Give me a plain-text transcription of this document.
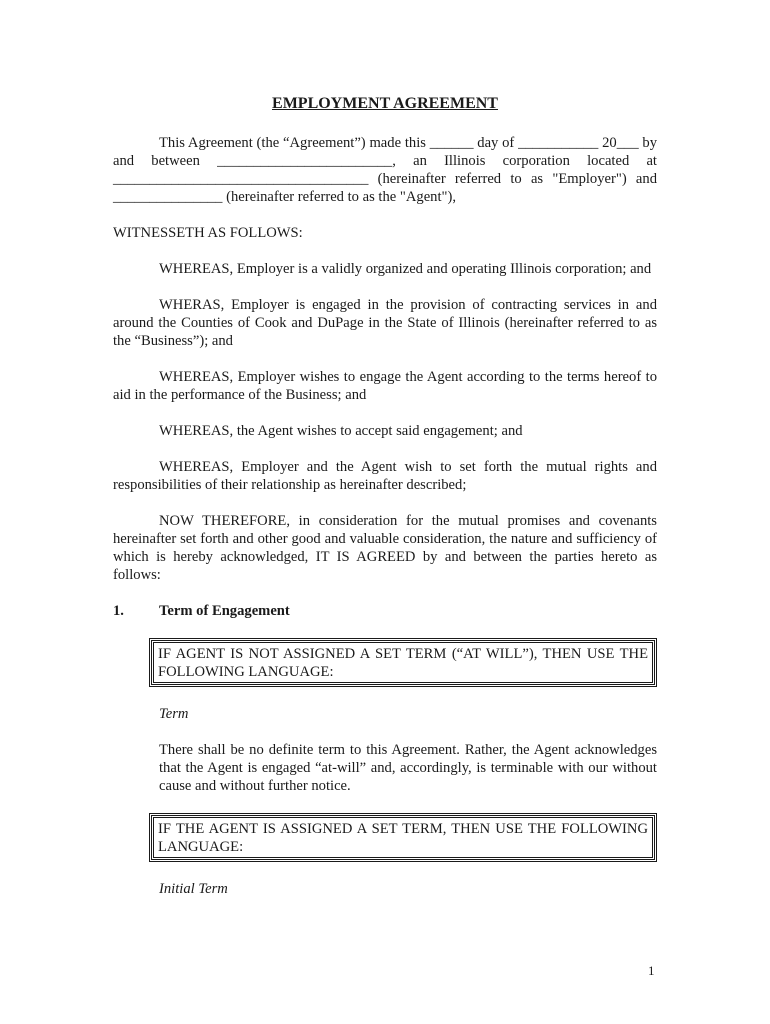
EMPLOYMENT AGREEMENT

This Agreement (the “Agreement”) made this ______ day of ___________ 20___ by and between ________________________, an Illinois corporation located at ___________________________________ (hereinafter referred to as "Employer") and _______________ (hereinafter referred to as the "Agent"),

WITNESSETH AS FOLLOWS:

WHEREAS, Employer is a validly organized and operating Illinois corporation; and

WHERAS, Employer is engaged in the provision of contracting services in and around the Counties of Cook and DuPage in the State of Illinois (hereinafter referred to as the “Business”); and

WHEREAS, Employer wishes to engage the Agent according to the terms hereof to aid in the performance of the Business; and

WHEREAS, the Agent wishes to accept said engagement; and

WHEREAS, Employer and the Agent wish to set forth the mutual rights and responsibilities of their relationship as hereinafter described;

NOW THEREFORE, in consideration for the mutual promises and covenants hereinafter set forth and other good and valuable consideration, the nature and sufficiency of which is hereby acknowledged, IT IS AGREED by and between the parties hereto as follows:

1.	Term of Engagement
IF AGENT IS NOT ASSIGNED A SET TERM (“AT WILL”), THEN USE THE FOLLOWING LANGUAGE:

Term

There shall be no definite term to this Agreement. Rather, the Agent acknowledges that the Agent is engaged “at-will” and, accordingly, is terminable with our without cause and without further notice.

IF THE AGENT IS ASSIGNED A SET TERM, THEN USE THE FOLLOWING LANGUAGE:

Initial Term

1
